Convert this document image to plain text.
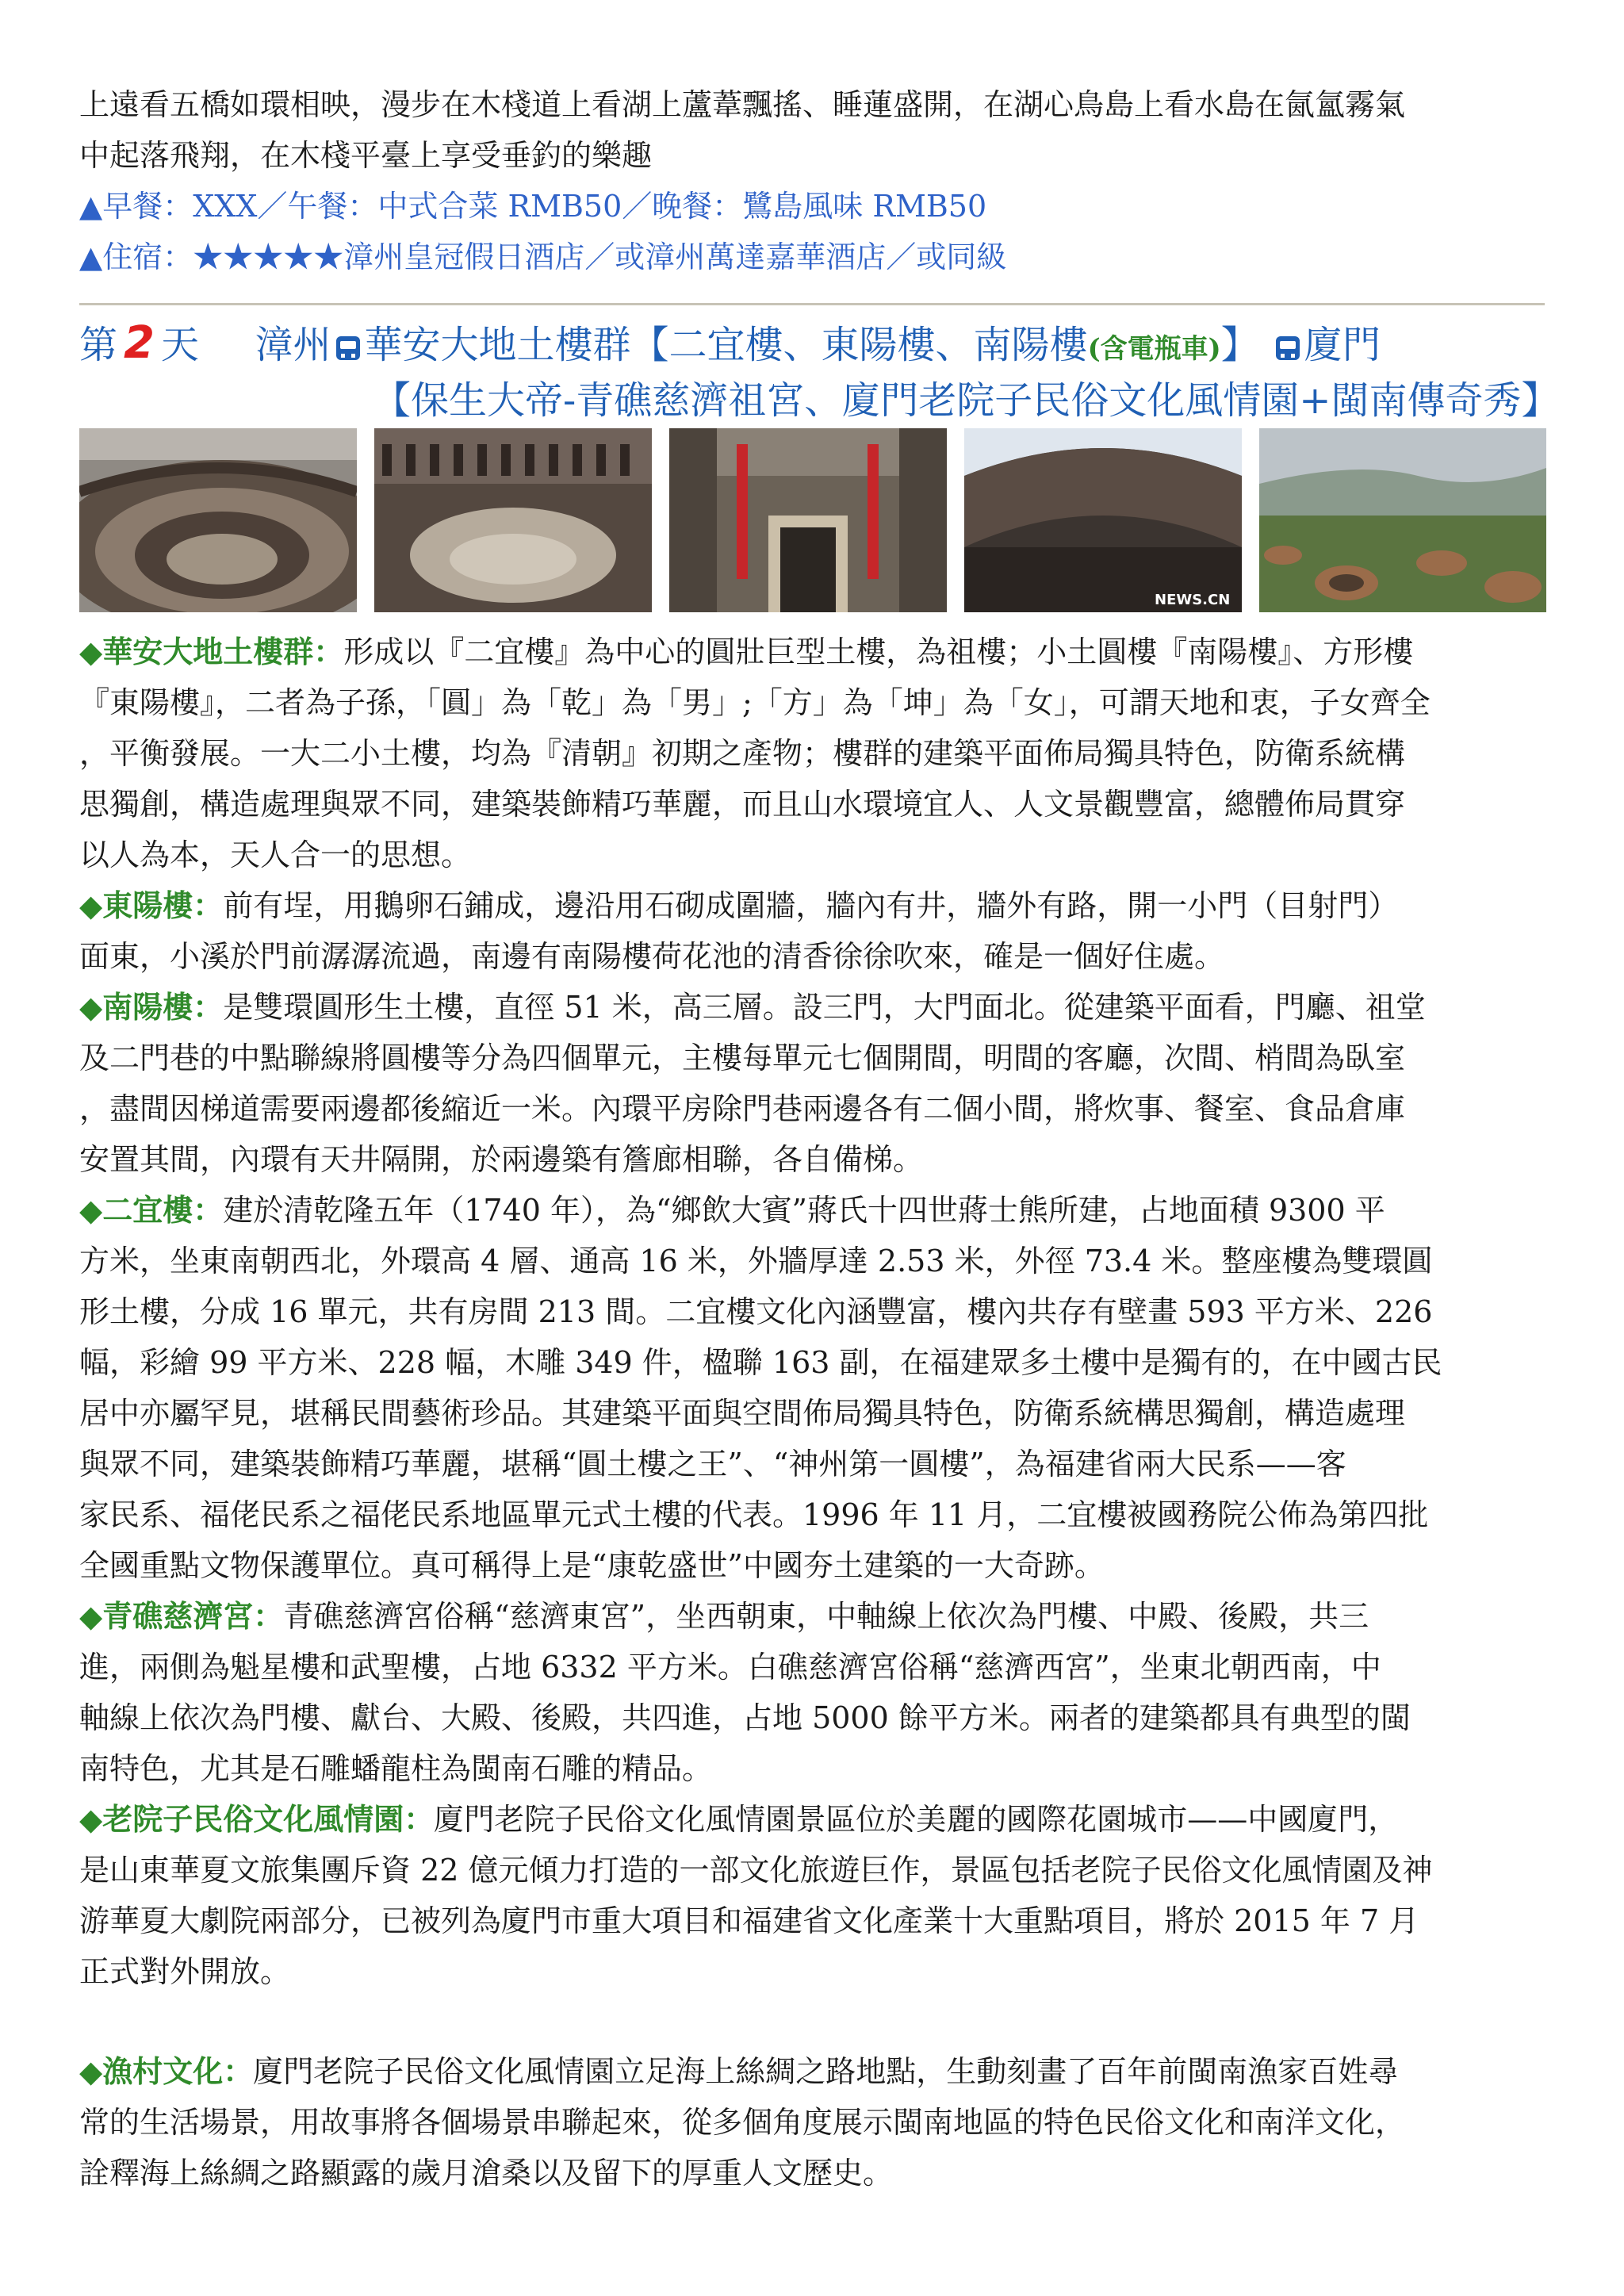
上遠看五橋如環相映，漫步在木棧道上看湖上蘆葦飄搖、睡蓮盛開，在湖心鳥島上看水島在氤氳霧氣
中起落飛翔，在木棧平臺上享受垂釣的樂趣
▲早餐：XXX／午餐：中式合菜 RMB50／晚餐：鷺島風味 RMB50
▲住宿：★★★★★漳州皇冠假日酒店／或漳州萬達嘉華酒店／或同級
第 2 天 漳州 華安大地土樓群【二宜樓、東陽樓、南陽樓(含電瓶車)】 廈門
【保生大帝-青礁慈濟祖宮、廈門老院子民俗文化風情園+閩南傳奇秀】
NEWS.CN
◆華安大地土樓群：形成以『二宜樓』為中心的圓壯巨型土樓，為祖樓；小土圓樓『南陽樓』、方形樓
『東陽樓』，二者為子孫，「圓」為「乾」為「男」;「方」為「坤」為「女」，可謂天地和衷，子女齊全
，平衡發展。一大二小土樓，均為『清朝』初期之產物；樓群的建築平面佈局獨具特色，防衛系統構
思獨創，構造處理與眾不同，建築裝飾精巧華麗，而且山水環境宜人、人文景觀豐富，總體佈局貫穿
以人為本，天人合一的思想。
◆東陽樓：前有埕，用鵝卵石鋪成，邊沿用石砌成圍牆，牆內有井，牆外有路，開一小門（目射門）
面東，小溪於門前潺潺流過，南邊有南陽樓荷花池的清香徐徐吹來，確是一個好住處。
◆南陽樓：是雙環圓形生土樓，直徑 51 米，高三層。設三門，大門面北。從建築平面看，門廳、祖堂
及二門巷的中點聯線將圓樓等分為四個單元，主樓每單元七個開間，明間的客廳，次間、梢間為臥室
，盡間因梯道需要兩邊都後縮近一米。內環平房除門巷兩邊各有二個小間，將炊事、餐室、食品倉庫
安置其間，內環有天井隔開，於兩邊築有簷廊相聯，各自備梯。
◆二宜樓：建於清乾隆五年（1740 年），為“鄉飲大賓”蔣氏十四世蔣士熊所建，占地面積 9300 平
方米，坐東南朝西北，外環高 4 層、通高 16 米，外牆厚達 2.53 米，外徑 73.4 米。整座樓為雙環圓
形土樓，分成 16 單元，共有房間 213 間。二宜樓文化內涵豐富，樓內共存有壁畫 593 平方米、226
幅，彩繪 99 平方米、228 幅，木雕 349 件，楹聯 163 副，在福建眾多土樓中是獨有的，在中國古民
居中亦屬罕見，堪稱民間藝術珍品。其建築平面與空間佈局獨具特色，防衛系統構思獨創，構造處理
與眾不同，建築裝飾精巧華麗，堪稱“圓土樓之王”、“神州第一圓樓”，為福建省兩大民系——客
家民系、福佬民系之福佬民系地區單元式土樓的代表。1996 年 11 月，二宜樓被國務院公佈為第四批
全國重點文物保護單位。真可稱得上是“康乾盛世”中國夯土建築的一大奇跡。
◆青礁慈濟宮：青礁慈濟宮俗稱“慈濟東宮”，坐西朝東，中軸線上依次為門樓、中殿、後殿，共三
進，兩側為魁星樓和武聖樓，占地 6332 平方米。白礁慈濟宮俗稱“慈濟西宮”，坐東北朝西南，中
軸線上依次為門樓、獻台、大殿、後殿，共四進，占地 5000 餘平方米。兩者的建築都具有典型的閩
南特色，尤其是石雕蟠龍柱為閩南石雕的精品。
◆老院子民俗文化風情園：廈門老院子民俗文化風情園景區位於美麗的國際花園城市——中國廈門，
是山東華夏文旅集團斥資 22 億元傾力打造的一部文化旅遊巨作，景區包括老院子民俗文化風情園及神
游華夏大劇院兩部分，已被列為廈門市重大項目和福建省文化產業十大重點項目，將於 2015 年 7 月
正式對外開放。
◆漁村文化：廈門老院子民俗文化風情園立足海上絲綢之路地點，生動刻畫了百年前閩南漁家百姓尋
常的生活場景，用故事將各個場景串聯起來，從多個角度展示閩南地區的特色民俗文化和南洋文化，
詮釋海上絲綢之路顯露的歲月滄桑以及留下的厚重人文歷史。
